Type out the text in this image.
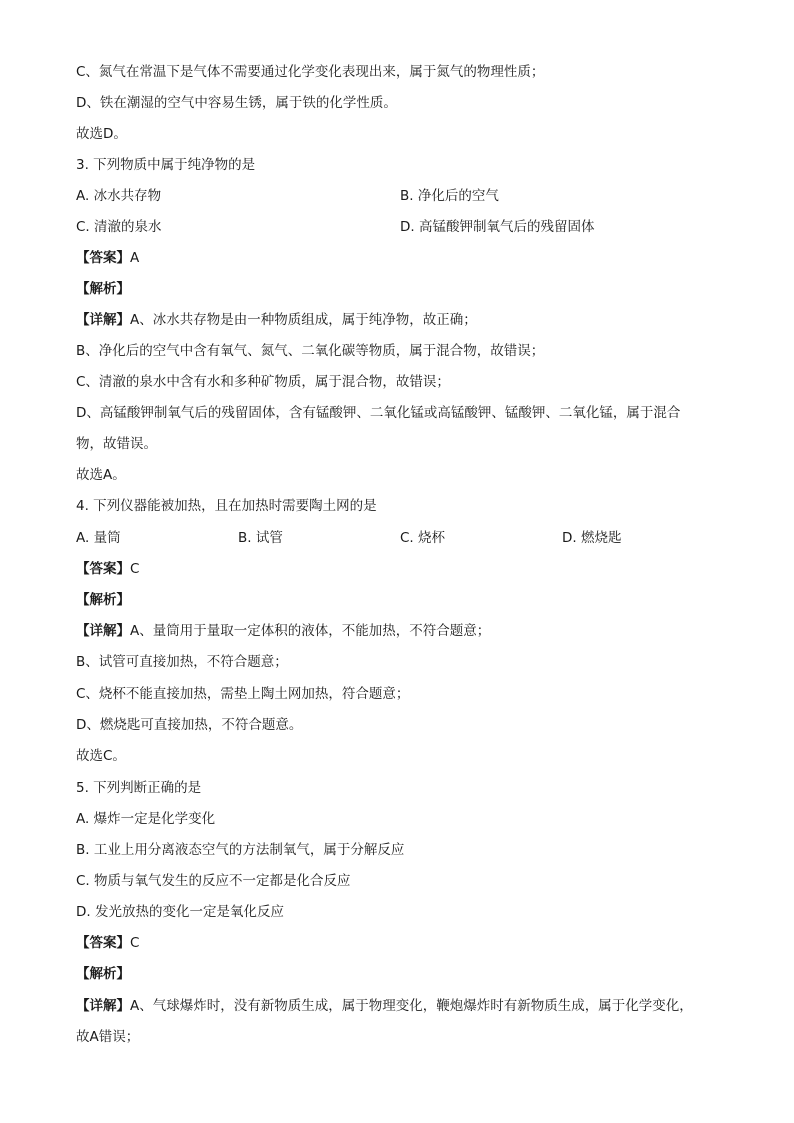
C、氮气在常温下是气体不需要通过化学变化表现出来，属于氮气的物理性质；
D、铁在潮湿的空气中容易生锈，属于铁的化学性质。
故选D。
3. 下列物质中属于纯净物的是
A. 冰水共存物	B. 净化后的空气
C. 清澈的泉水	D. 高锰酸钾制氧气后的残留固体
【答案】A
【解析】
【详解】A、冰水共存物是由一种物质组成，属于纯净物，故正确；
B、净化后的空气中含有氧气、氮气、二氧化碳等物质，属于混合物，故错误；
C、清澈的泉水中含有水和多种矿物质，属于混合物，故错误；
D、高锰酸钾制氧气后的残留固体，含有锰酸钾、二氧化锰或高锰酸钾、锰酸钾、二氧化锰，属于混合
物，故错误。
故选A。
4. 下列仪器能被加热，且在加热时需要陶土网的是
A. 量筒	B. 试管	C. 烧杯	D. 燃烧匙
【答案】C
【解析】
【详解】A、量筒用于量取一定体积的液体，不能加热，不符合题意；
B、试管可直接加热，不符合题意；
C、烧杯不能直接加热，需垫上陶土网加热，符合题意；
D、燃烧匙可直接加热，不符合题意。
故选C。
5. 下列判断正确的是
A. 爆炸一定是化学变化
B. 工业上用分离液态空气的方法制氧气，属于分解反应
C. 物质与氧气发生的反应不一定都是化合反应
D. 发光放热的变化一定是氧化反应
【答案】C
【解析】
【详解】A、气球爆炸时，没有新物质生成，属于物理变化，鞭炮爆炸时有新物质生成，属于化学变化，
故A错误；
